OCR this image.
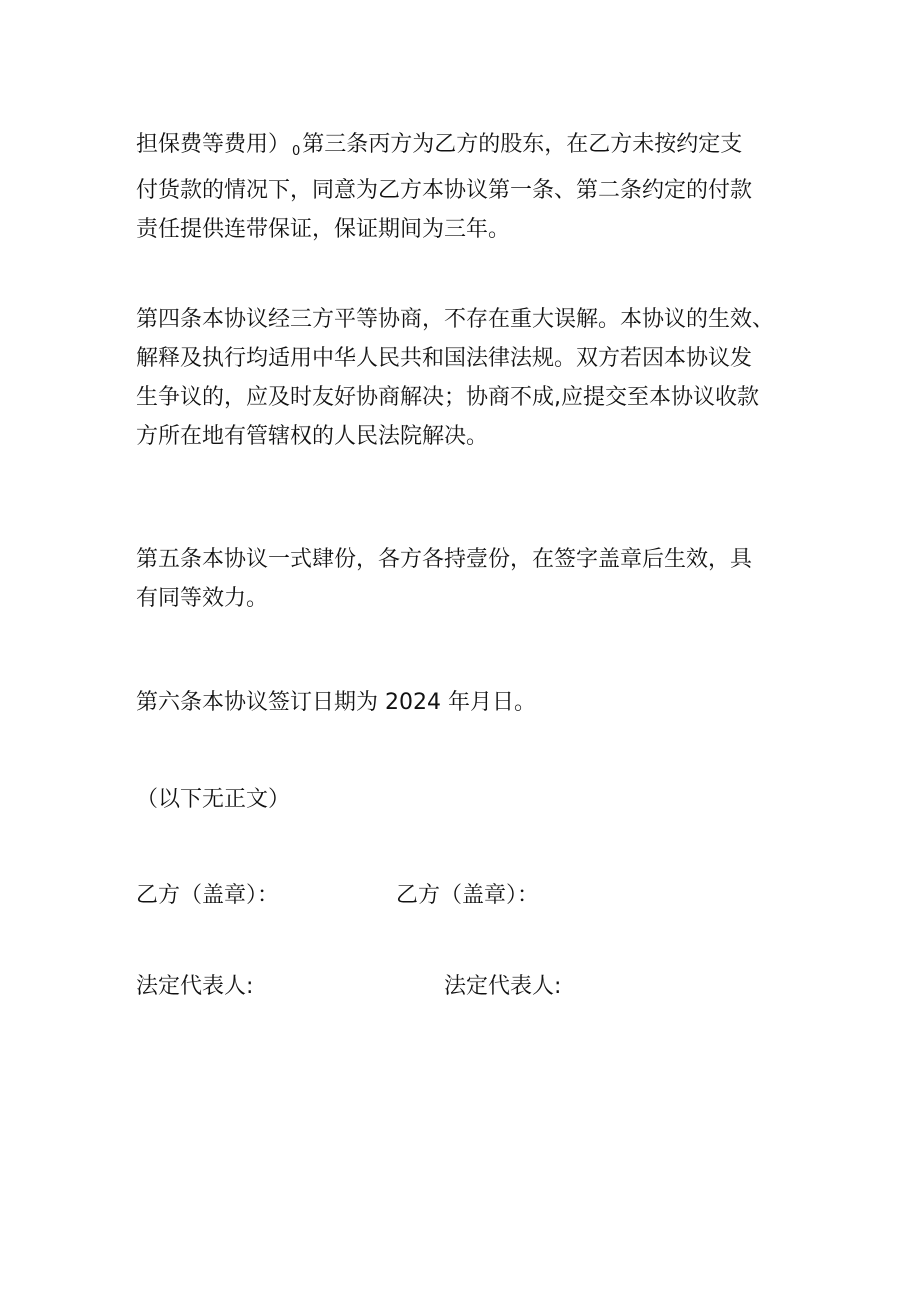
担保费等费用） $_0$第三条丙方为乙方的股东，在乙方未按约定支
付货款的情况下，同意为乙方本协议第一条、第二条约定的付款
责任提供连带保证，保证期间为三年。

第四条本协议经三方平等协商，不存在重大误解。本协议的生效、
解释及执行均适用中华人民共和国法律法规。双方若因本协议发
生争议的，应及时友好协商解决；协商不成,应提交至本协议收款
方所在地有管辖权的人民法院解决。

第五条本协议一式肆份，各方各持壹份，在签字盖章后生效，具
有同等效力。

第六条本协议签订日期为 2024 年月日。

（以下无正文）

乙方（盖章）：	乙方（盖章）：
法定代表人:	法定代表人:
